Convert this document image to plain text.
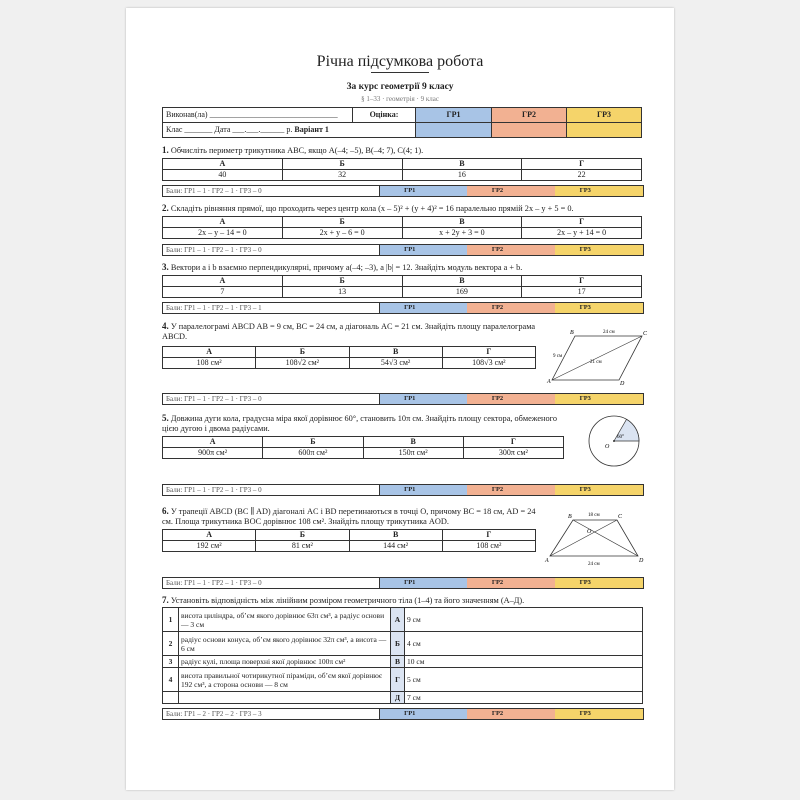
Річна підсумкова робота
За курс геометрії 9 класу
§ 1–33 · геометрія · 9 клас
Виконав(ла) ________________________________	Оцінка:	ГР1	ГР2	ГР3
Клас _______ Дата ___.___.______ р. Варіант 1				
1. Обчисліть периметр трикутника ABC, якщо A(–4; –5), B(–4; 7), C(4; 1).
А	Б	В	Г
40	32	16	22
Бали: ГР1 – 1 · ГР2 – 1 · ГР3 – 0	ГР1	ГР2	ГР3
2. Складіть рівняння прямої, що проходить через центр кола (x – 5)² + (y + 4)² = 16 паралельно прямій 2x – y + 5 = 0.
А	Б	В	Г
2x – y – 14 = 0	2x + y – 6 = 0	x + 2y + 3 = 0	2x – y + 14 = 0
Бали: ГР1 – 1 · ГР2 – 1 · ГР3 – 0	ГР1	ГР2	ГР3
3. Вектори a і b взаємно перпендикулярні, причому a(–4; –3), а |b| = 12. Знайдіть модуль вектора a + b.
А	Б	В	Г
7	13	169	17
Бали: ГР1 – 1 · ГР2 – 1 · ГР3 – 1	ГР1	ГР2	ГР3
4. У паралелограмі ABCD AB = 9 см, BC = 24 см, а діагональ AC = 21 см. Знайдіть площу паралелограма ABCD.
А	Б	В	Г
108 см²	108√2 см²	54√3 см²	108√3 см²
A
B	C
D
24 см
9 см
21 см
Бали: ГР1 – 1 · ГР2 – 1 · ГР3 – 0	ГР1	ГР2	ГР3
5. Довжина дуги кола, градусна міра якої дорівнює 60°, становить 10π см. Знайдіть площу сектора, обмеженого цією дугою і двома радіусами.
А	Б	В	Г
900π см²	600π см²	150π см²	300π см²
O
60°
Бали: ГР1 – 1 · ГР2 – 1 · ГР3 – 0	ГР1	ГР2	ГР3
6. У трапеції ABCD (BC ∥ AD) діагоналі AC і BD перетинаються в точці O, причому BC = 18 см, AD = 24 см. Площа трикутника BOC дорівнює 108 см². Знайдіть площу трикутника AOD.
А	Б	В	Г
192 см²	81 см²	144 см²	108 см²
A
B	C
D
O
18 см
24 см
Бали: ГР1 – 1 · ГР2 – 1 · ГР3 – 0	ГР1	ГР2	ГР3
7. Установіть відповідність між лінійним розміром геометричного тіла (1–4) та його значенням (А–Д).
1	висота циліндра, об’єм якого дорівнює 63π см³, а радіус основи — 3 см	А	9 см
2	радіус основи конуса, об’єм якого дорівнює 32π см³, а висота — 6 см	Б	4 см
3	радіус кулі, площа поверхні якої дорівнює 100π см²	В	10 см
4	висота правильної чотирикутної піраміди, об’єм якої дорівнює 192 см³, а сторона основи — 8 см	Г	5 см
		Д	7 см
Бали: ГР1 – 2 · ГР2 – 2 · ГР3 – 3	ГР1	ГР2	ГР3
